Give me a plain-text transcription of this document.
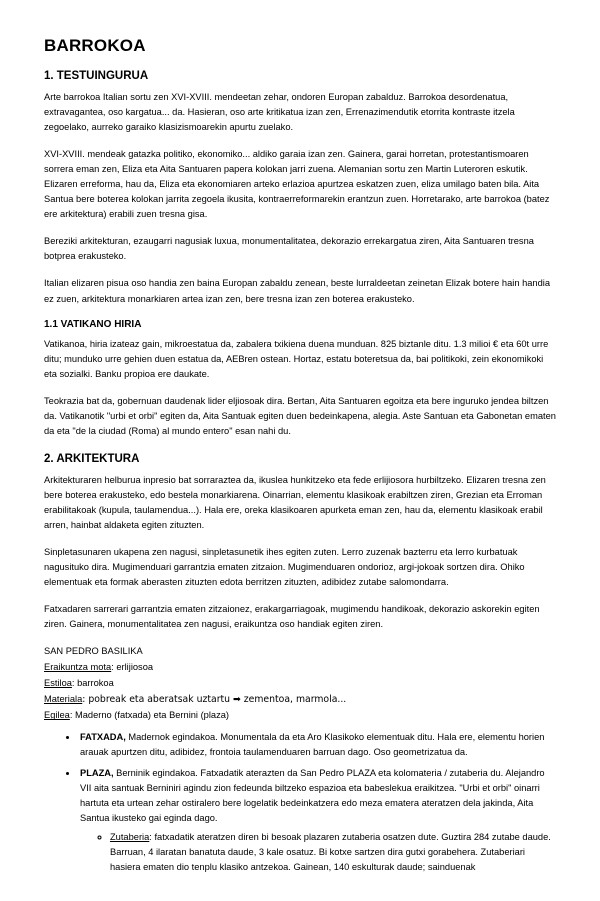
BARROKOA
1. TESTUINGURUA

Arte barrokoa Italian sortu zen XVI-XVIII. mendeetan zehar, ondoren Europan zabalduz. Barrokoa desordenatua, extravagantea, oso kargatua... da. Hasieran, oso arte kritikatua izan zen, Errenazimendutik etorrita kontraste itzela zegoelako, aurreko garaiko klasizismoarekin apurtu zuelako.

XVI-XVIII. mendeak gatazka politiko, ekonomiko... aldiko garaia izan zen. Gainera, garai horretan, protestantismoaren sorrera eman zen, Eliza eta Aita Santuaren papera kolokan jarri zuena. Alemanian sortu zen Martin Luteroren eskutik. Elizaren erreforma, hau da, Eliza eta ekonomiaren arteko erlazioa apurtzea eskatzen zuen, eliza umilago baten bila. Aita Santua bere boterea kolokan jarrita zegoela ikusita, kontraerreformarekin erantzun zuen. Horretarako, arte barrokoa (batez ere arkitektura) erabili zuen tresna gisa.

Bereziki arkitekturan, ezaugarri nagusiak luxua, monumentalitatea, dekorazio errekargatua ziren, Aita Santuaren tresna botprea erakusteko.

Italian elizaren pisua oso handia zen baina Europan zabaldu zenean, beste lurraldeetan zeinetan Elizak botere hain handia ez zuen, arkitektura monarkiaren artea izan zen, bere tresna izan zen boterea erakusteko.

1.1 VATIKANO HIRIA

Vatikanoa, hiria izateaz gain, mikroestatua da, zabalera txikiena duena munduan. 825 biztanle ditu. 1.3 milioi € eta 60t urre ditu; munduko urre gehien duen estatua da, AEBren ostean. Hortaz, estatu boteretsua da, bai politikoki, zein ekonomikoki eta sozialki. Banku propioa ere daukate.

Teokrazia bat da, gobernuan daudenak lider eljiosoak dira. Bertan, Aita Santuaren egoitza eta bere inguruko jendea biltzen da. Vatikanotik "urbi et orbi" egiten da, Aita Santuak egiten duen bedeinkapena, alegia. Aste Santuan eta Gabonetan ematen da eta "de la ciudad (Roma) al mundo entero" esan nahi du.

2. ARKITEKTURA

Arkitekturaren helburua inpresio bat sorraraztea da, ikuslea hunkitzeko eta fede erlijiosora hurbiltzeko. Elizaren tresna zen bere boterea erakusteko, edo bestela monarkiarena. Oinarrian, elementu klasikoak erabiltzen ziren, Grezian eta Erroman erabilitakoak (kupula, taulamendua...). Hala ere, oreka klasikoaren apurketa eman zen, hau da, elementu klasikoak erabil arren, hainbat aldaketa egiten zituzten.

Sinpletasunaren ukapena zen nagusi, sinpletasunetik ihes egiten zuten. Lerro zuzenak bazterru eta lerro kurbatuak nagusituko dira. Mugimenduari garrantzia ematen zitzaion. Mugimenduaren ondorioz, argi-jokoak sortzen dira. Ohiko elementuak eta formak aberasten zituzten edota berritzen zituzten, adibidez zutabe salomondarra.

Fatxadaren sarrerari garrantzia ematen zitzaionez, erakargarriagoak, mugimendu handikoak, dekorazio askorekin egiten ziren. Gainera, monumentalitatea zen nagusi, eraikuntza oso handiak egiten ziren.

SAN PEDRO BASILIKA
Eraikuntza mota: erlijiosoa
Estiloa: barrokoa
Materiala: pobreak eta aberatsak uztartu ➡ zementoa, marmola...
Egilea: Maderno (fatxada) eta Bernini (plaza)
• FATXADA, Madernok egindakoa. Monumentala da eta Aro Klasikoko elementuak ditu. Hala ere, elementu horien arauak apurtzen ditu, adibidez, frontoia taulamenduaren barruan dago. Oso geometrizatua da.
• PLAZA, Berninik egindakoa. Fatxadatik aterazten da San Pedro PLAZA eta kolomateria / zutaberia du. Alejandro VII aita santuak Berniniri agindu zion fedeunda biltzeko espazioa eta babeslekua eraikitzea. "Urbi et orbi" oinarri hartuta eta urtean zehar ostiralero bere logelatik bedeinkatzera edo meza ematera ateratzen dela jakinda, Aita Santua ikusteko gai eginda dago.
◦ Zutaberia: fatxadatik ateratzen diren bi besoak plazaren zutaberia osatzen dute. Guztira 284 zutabe daude. Barruan, 4 ilaratan banatuta daude, 3 kale osatuz. Bi kotxe sartzen dira gutxi gorabehera. Zutaberiari hasiera ematen dio tenplu klasiko antzekoa. Gainean, 140 eskulturak daude; sainduenak
